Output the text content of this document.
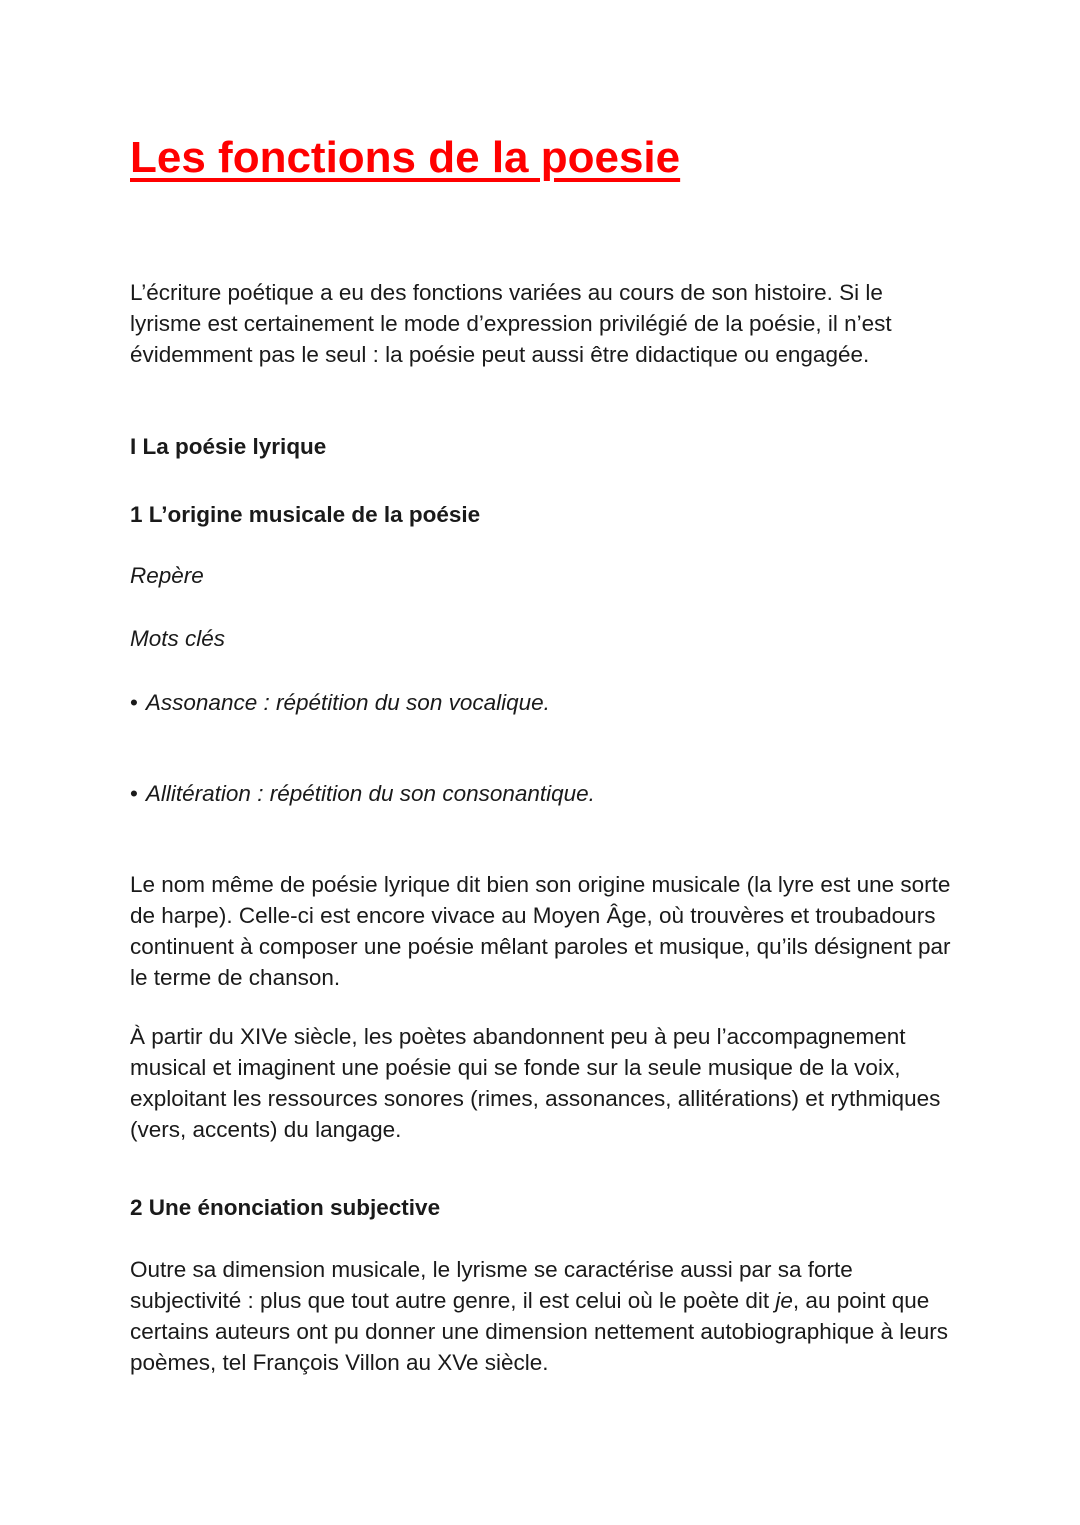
Les fonctions de la poesie

L’écriture poétique a eu des fonctions variées au cours de son histoire. Si le lyrisme est certainement le mode d’expression privilégié de la poésie, il n’est évidemment pas le seul : la poésie peut aussi être didactique ou engagée.

I La poésie lyrique

1 L’origine musicale de la poésie

Repère

Mots clés

• Assonance : répétition du son vocalique.

• Allitération : répétition du son consonantique.

Le nom même de poésie lyrique dit bien son origine musicale (la lyre est une sorte de harpe). Celle-ci est encore vivace au Moyen Âge, où trouvères et troubadours continuent à composer une poésie mêlant paroles et musique, qu’ils désignent par le terme de chanson.

À partir du XIVe siècle, les poètes abandonnent peu à peu l’accompagnement musical et imaginent une poésie qui se fonde sur la seule musique de la voix, exploitant les ressources sonores (rimes, assonances, allitérations) et rythmiques (vers, accents) du langage.

2 Une énonciation subjective

Outre sa dimension musicale, le lyrisme se caractérise aussi par sa forte subjectivité : plus que tout autre genre, il est celui où le poète dit je, au point que certains auteurs ont pu donner une dimension nettement autobiographique à leurs poèmes, tel François Villon au XVe siècle.
